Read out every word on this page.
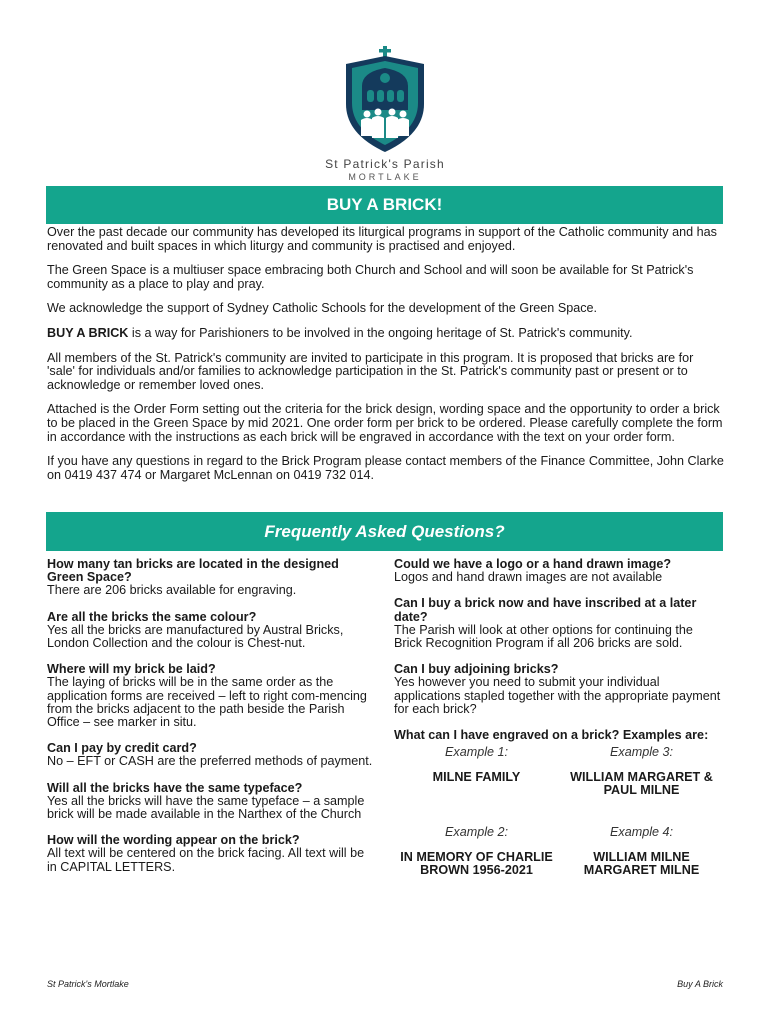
St Patrick's Parish
MORTLAKE
BUY A BRICK!

Over the past decade our community has developed its liturgical programs in support of the Catholic community and has renovated and built spaces in which liturgy and community is practised and enjoyed.

The Green Space is a multiuser space embracing both Church and School and will soon be available for St Patrick's community as a place to play and pray.

We acknowledge the support of Sydney Catholic Schools for the development of the Green Space.

BUY A BRICK is a way for Parishioners to be involved in the ongoing heritage of St. Patrick's community.

All members of the St. Patrick's community are invited to participate in this program. It is proposed that bricks are for 'sale' for individuals and/or families to acknowledge participation in the St. Patrick's community past or present or to acknowledge or remember loved ones.

Attached is the Order Form setting out the criteria for the brick design, wording space and the opportunity to order a brick to be placed in the Green Space by mid 2021. One order form per brick to be ordered. Please carefully complete the form in accordance with the instructions as each brick will be engraved in accordance with the text on your order form.

If you have any questions in regard to the Brick Program please contact members of the Finance Committee, John Clarke on 0419 437 474 or Margaret McLennan on 0419 732 014.

Frequently Asked Questions?
How many tan bricks are located in the designed Green Space?
There are 206 bricks available for engraving.
Are all the bricks the same colour?
Yes all the bricks are manufactured by Austral Bricks, London Collection and the colour is Chest-nut.
Where will my brick be laid?
The laying of bricks will be in the same order as the application forms are received – left to right com-mencing from the bricks adjacent to the path beside the Parish Office – see marker in situ.
Can I pay by credit card?
No – EFT or CASH are the preferred methods of payment.
Will all the bricks have the same typeface?
Yes all the bricks will have the same typeface – a sample brick will be made available in the Narthex of the Church
How will the wording appear on the brick?
All text will be centered on the brick facing. All text will be in CAPITAL LETTERS.
Could we have a logo or a hand drawn image?
Logos and hand drawn images are not available
Can I buy a brick now and have inscribed at a later date?
The Parish will look at other options for continuing the Brick Recognition Program if all 206 bricks are sold.
Can I buy adjoining bricks?
Yes however you need to submit your individual applications stapled together with the appropriate payment for each brick?
What can I have engraved on a brick? Examples are:
Example 1:
MILNE FAMILY
Example 3:
WILLIAM MARGARET & PAUL MILNE
Example 2:
IN MEMORY OF CHARLIE BROWN 1956-2021
Example 4:
WILLIAM MILNE MARGARET MILNE
St Patrick's Mortlake	Buy A Brick
